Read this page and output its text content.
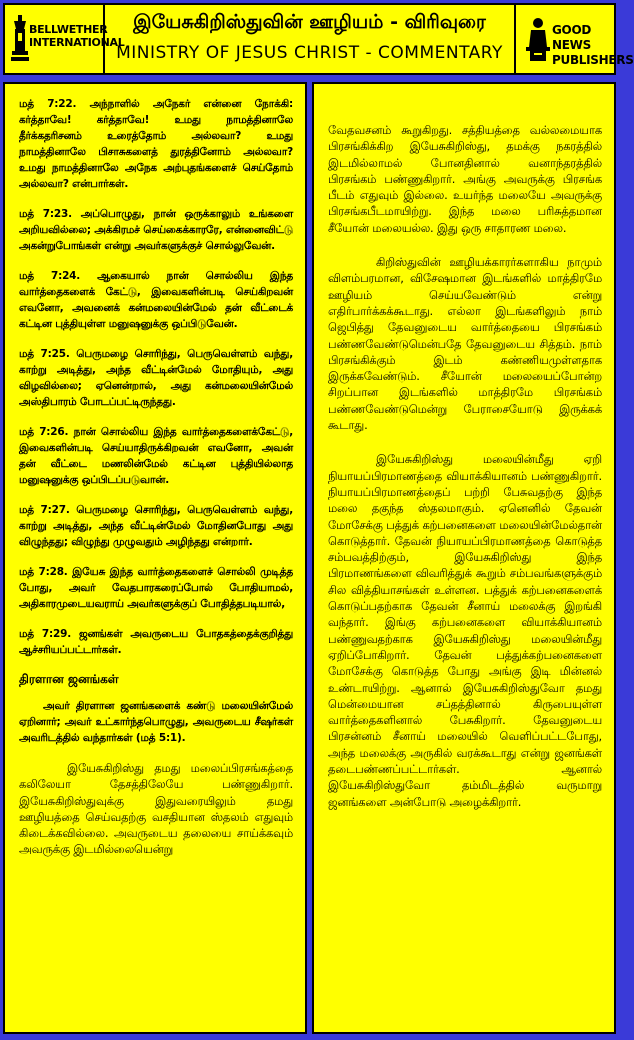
BELLWETHER
INTERNATIONAL
இயேசுகிறிஸ்துவின் ஊழியம் - விரிவுரை
MINISTRY OF JESUS CHRIST - COMMENTARY
GOOD NEWS
PUBLISHERS

மத் 7:22. அந்நாளில் அநேகர் என்னை நோக்கி: கர்த்தாவே! கர்த்தாவே! உமது நாமத்தினாலே தீர்க்கதரிசனம் உரைத்தோம் அல்லவா? உமது நாமத்தினாலே பிசாசுகளைத் துரத்தினோம் அல்லவா? உமது நாமத்தினாலே அநேக அற்புதங்களைச் செய்தோம் அல்லவா? என்பார்கள்.

மத் 7:23. அப்பொழுது, நான் ஒருக்காலும் உங்களை அறியவில்லை; அக்கிரமச் செய்கைக்காரரே, என்னைவிட்டு அகன்றுபோங்கள் என்று அவர்களுக்குச் சொல்லுவேன்.

மத் 7:24. ஆகையால் நான் சொல்லிய இந்த வார்த்தைகளைக் கேட்டு, இவைகளின்படி செய்கிறவன் எவனோ, அவனைக் கன்மலையின்மேல் தன் வீட்டைக் கட்டின புத்தியுள்ள மனுஷனுக்கு ஒப்பிடுவேன்.

மத் 7:25. பெருமழை சொரிந்து, பெருவெள்ளம் வந்து, காற்று அடித்து, அந்த வீட்டின்மேல் மோதியும், அது விழவில்லை; ஏனென்றால், அது கன்மலையின்மேல் அஸ்திபாரம் போடப்பட்டிருந்தது.

மத் 7:26. நான் சொல்லிய இந்த வார்த்தைகளைக்கேட்டு, இவைகளின்படி செய்யாதிருக்கிறவன் எவனோ, அவன் தன் வீட்டை மணலின்மேல் கட்டின புத்தியில்லாத மனுஷனுக்கு ஒப்பிடப்படுவான்.

மத் 7:27. பெருமழை சொரிந்து, பெருவெள்ளம் வந்து, காற்று அடித்து, அந்த வீட்டின்மேல் மோதினபோது அது விழுந்தது; விழுந்து முழுவதும் அழிந்தது என்றார்.

மத் 7:28. இயேசு இந்த வார்த்தைகளைச் சொல்லி முடித்த போது, அவர் வேதபாரகரைப்போல் போதியாமல், அதிகாரமுடையவராய் அவர்களுக்குப் போதித்தபடியால்,

மத் 7:29. ஜனங்கள் அவருடைய போதகத்தைக்குறித்து ஆச்சரியப்பட்டார்கள்.

திரளான ஜனங்கள்

அவர் திரளான ஜனங்களைக் கண்டு மலையின்மேல் ஏறினார்; அவர் உட்கார்ந்தபொழுது, அவருடைய சீஷர்கள் அவரிடத்தில் வந்தார்கள் (மத் 5:1).

இயேசுகிறிஸ்து தமது மலைப்பிரசங்கத்தை கலிலேயா தேசத்திலேயே பண்ணுகிறார். இயேசுகிறிஸ்துவுக்கு இதுவரையிலும் தமது ஊழியத்தை செய்வதற்கு வசதியான ஸ்தலம் எதுவும் கிடைக்கவில்லை. அவருடைய தலையை சாய்க்கவும் அவருக்கு இடமில்லையென்று

வேதவசனம் கூறுகிறது. சத்தியத்தை வல்லமையாக பிரசங்கிக்கிற இயேசுகிறிஸ்து, தமக்கு நகரத்தில் இடமில்லாமல் போனதினால் வனாந்தரத்தில் பிரசங்கம் பண்ணுகிறார். அங்கு அவருக்கு பிரசங்க பீடம் எதுவும் இல்லை. உயர்ந்த மலையே அவருக்கு பிரசங்கபீடமாயிற்று. இந்த மலை பரிசுத்தமான சீயோன் மலையல்ல. இது ஒரு சாதாரண மலை.

கிறிஸ்துவின் ஊழியக்காரர்களாகிய நாமும் விளம்பரமான, விசேஷமான இடங்களில் மாத்திரமே ஊழியம் செய்யவேண்டும் என்று எதிர்பார்க்கக்கூடாது. எல்லா இடங்களிலும் நாம் ஜெபித்து தேவனுடைய வார்த்தையை பிரசங்கம் பண்ணவேண்டுமென்பதே தேவனுடைய சித்தம். நாம் பிரசங்கிக்கும் இடம் கண்ணியமுள்ளதாக இருக்கவேண்டும். சீயோன் மலையைப்போன்ற சிறப்பான இடங்களில் மாத்திரமே பிரசங்கம் பண்ணவேண்டுமென்று பேராசையோடு இருக்கக் கூடாது.

இயேசுகிறிஸ்து மலையின்மீது ஏறி நியாயப்பிரமாணத்தை வியாக்கியானம் பண்ணுகிறார். நியாயப்பிரமாணத்தைப் பற்றி பேசுவதற்கு இந்த மலை தகுந்த ஸ்தலமாகும். ஏனெனில் தேவன் மோசேக்கு பத்துக் கற்பனைகளை மலையின்மேல்தான் கொடுத்தார். தேவன் நியாயப்பிரமாணத்தை கொடுத்த சம்பவத்திற்கும், இயேசுகிறிஸ்து இந்த பிரமாணங்களை விவரித்துக் கூறும் சம்பவங்களுக்கும் சில வித்தியாசங்கள் உள்ளன. பத்துக் கற்பனைகளைக் கொடுப்பதற்காக தேவன் சீனாய் மலைக்கு இறங்கி வந்தார். இங்கு கற்பனைகளை வியாக்கியானம் பண்ணுவதற்காக இயேசுகிறிஸ்து மலையின்மீது ஏறிப்போகிறார். தேவன் பத்துக்கற்பனைகளை மோசேக்கு கொடுத்த போது அங்கு இடி மின்னல் உண்டாயிற்று. ஆனால் இயேசுகிறிஸ்துவோ தமது மென்மையான சப்தத்தினால் கிருபையுள்ள வார்த்தைகளினால் பேசுகிறார். தேவனுடைய பிரசன்னம் சீனாய் மலையில் வெளிப்பட்டபோது, அந்த மலைக்கு அருகில் வரக்கூடாது என்று ஜனங்கள் தடைபண்ணப்பட்டார்கள். ஆனால் இயேசுகிறிஸ்துவோ தம்மிடத்தில் வருமாறு ஜனங்களை அன்போடு அழைக்கிறார்.
